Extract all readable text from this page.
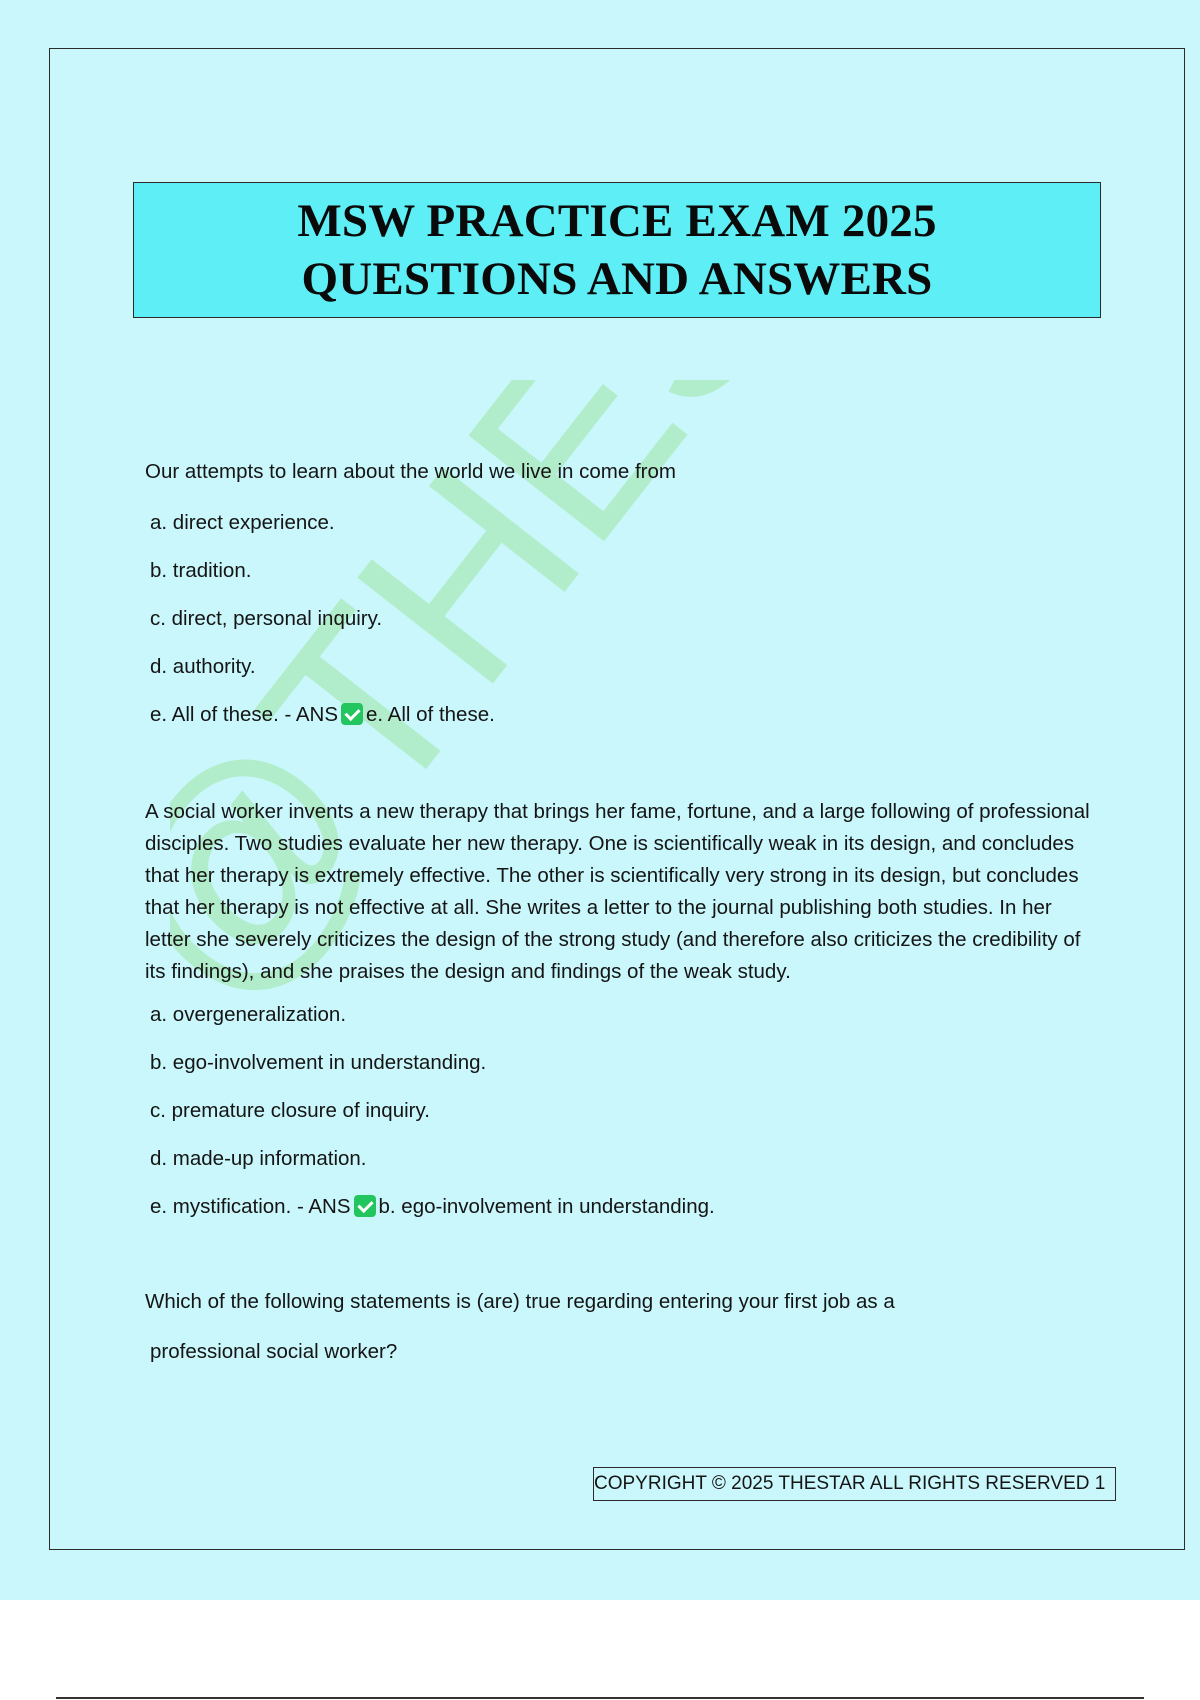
MSW PRACTICE EXAM 2025
QUESTIONS AND ANSWERS

Our attempts to learn about the world we live in come from

a. direct experience.

b. tradition.

c. direct, personal inquiry.

d. authority.

e. All of these. - ANS e. All of these.

A social worker invents a new therapy that brings her fame, fortune, and a large following of professional disciples. Two studies evaluate her new therapy. One is scientifically weak in its design, and concludes that her therapy is extremely effective. The other is scientifically very strong in its design, but concludes that her therapy is not effective at all. She writes a letter to the journal publishing both studies. In her letter she severely criticizes the design of the strong study (and therefore also criticizes the credibility of its findings), and she praises the design and findings of the weak study.

a. overgeneralization.

b. ego-involvement in understanding.

c. premature closure of inquiry.

d. made-up information.

e. mystification. - ANS b. ego-involvement in understanding.

Which of the following statements is (are) true regarding entering your first job as a

professional social worker?

COPYRIGHT © 2025 THESTAR ALL RIGHTS RESERVED 1
